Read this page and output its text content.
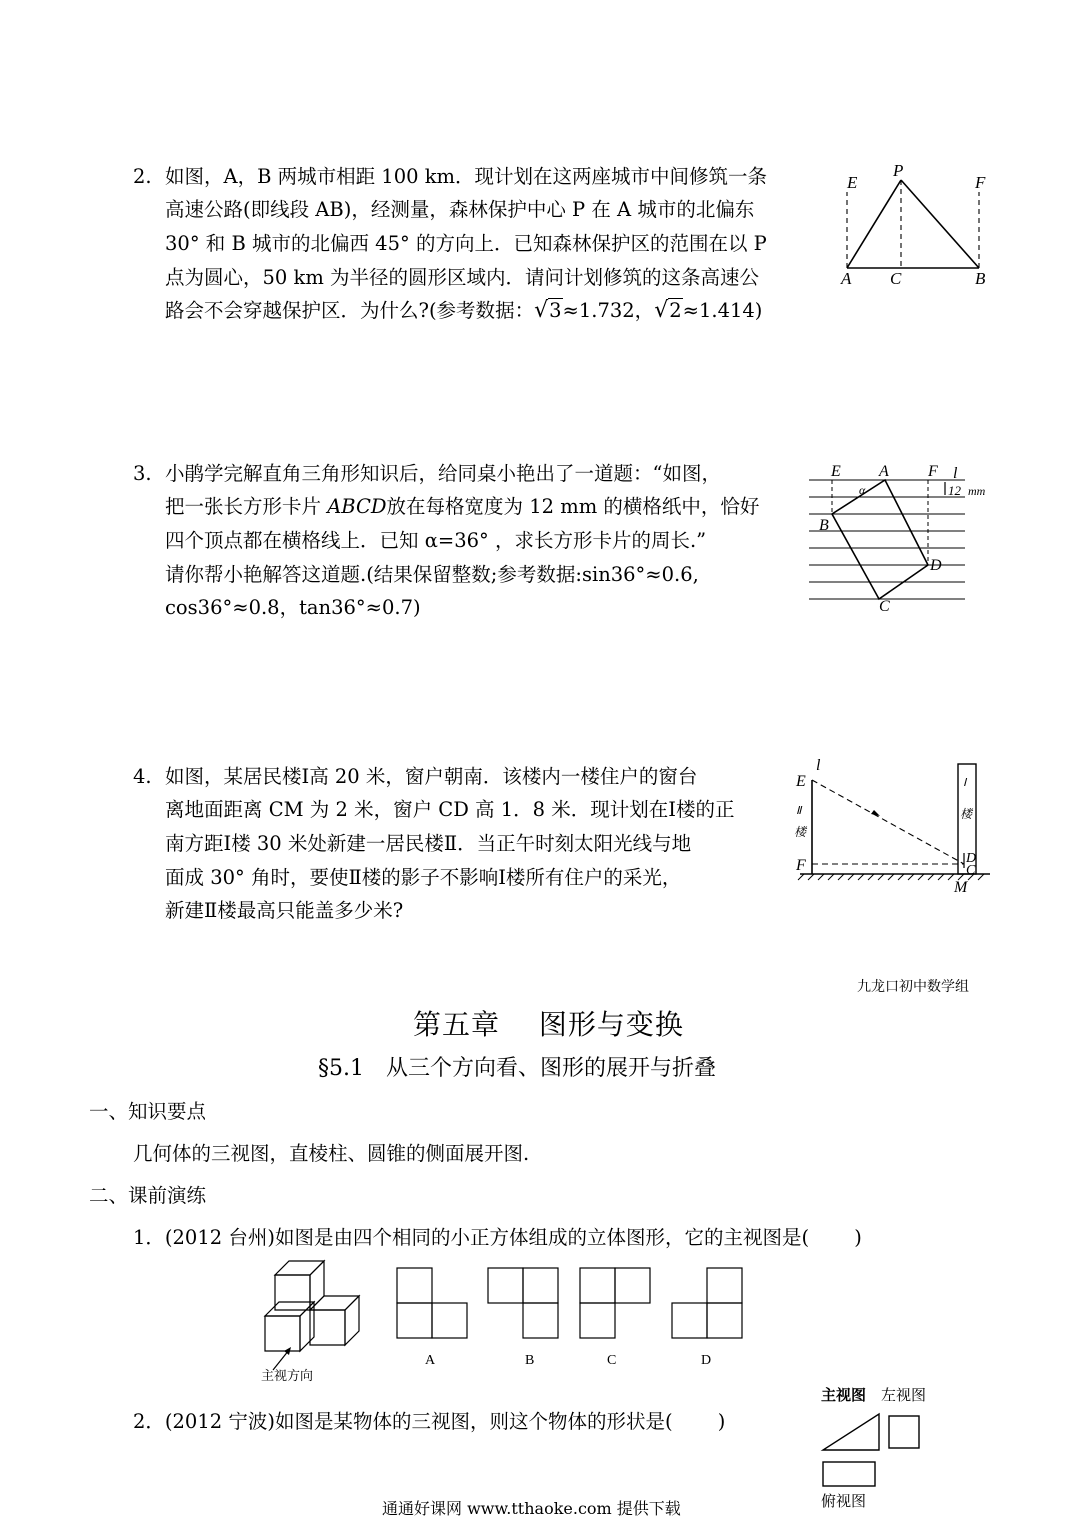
2. 如图，A，B 两城市相距 100 km．现计划在这两座城市中间修筑一条
高速公路(即线段 AB)，经测量，森林保护中心 P 在 A 城市的北偏东
30° 和 B 城市的北偏西 45° 的方向上．已知森林保护区的范围在以 P
点为圆心，50 km 为半径的圆形区域内．请问计划修筑的这条高速公
路会不会穿越保护区．为什么?(参考数据：√3≈1.732，√2≈1.414)
E
P
F
A C	B
3. 小鹃学完解直角三角形知识后，给同桌小艳出了一道题：“如图，
把一张长方形卡片 ABCD放在每格宽度为 12 mm 的横格纸中，恰好
四个顶点都在横格线上．已知 α=36° ，求长方形卡片的周长.”
请你帮小艳解答这道题.(结果保留整数;参考数据:sin36°≈0.6,
cos36°≈0.8，tan36°≈0.7)
E A F l
α	12 mm
B
D
C
4. 如图，某居民楼Ⅰ高 20 米，窗户朝南．该楼内一楼住户的窗台
离地面距离 CM 为 2 米，窗户 CD 高 1．8 米．现计划在Ⅰ楼的正
南方距Ⅰ楼 30 米处新建一居民楼Ⅱ．当正午时刻太阳光线与地
面成 30° 角时，要使Ⅱ楼的影子不影响Ⅰ楼所有住户的采光，
新建Ⅱ楼最高只能盖多少米?
E
l
Ⅱ
楼
F
Ⅰ
楼
D
C
M
九龙口初中数学组
第五章　 图形与变换
§5.1　从三个方向看、图形的展开与折叠
一、知识要点
几何体的三视图，直棱柱、圆锥的侧面展开图.
二、课前演练
1．(2012 台州)如图是由四个相同的小正方体组成的立体图形，它的主视图是(　　 )
主视方向
A	B	C	D
2．(2012 宁波)如图是某物体的三视图，则这个物体的形状是(　　 )
主视图 左视图
俯视图
通通好课网 www.tthaoke.com 提供下载
